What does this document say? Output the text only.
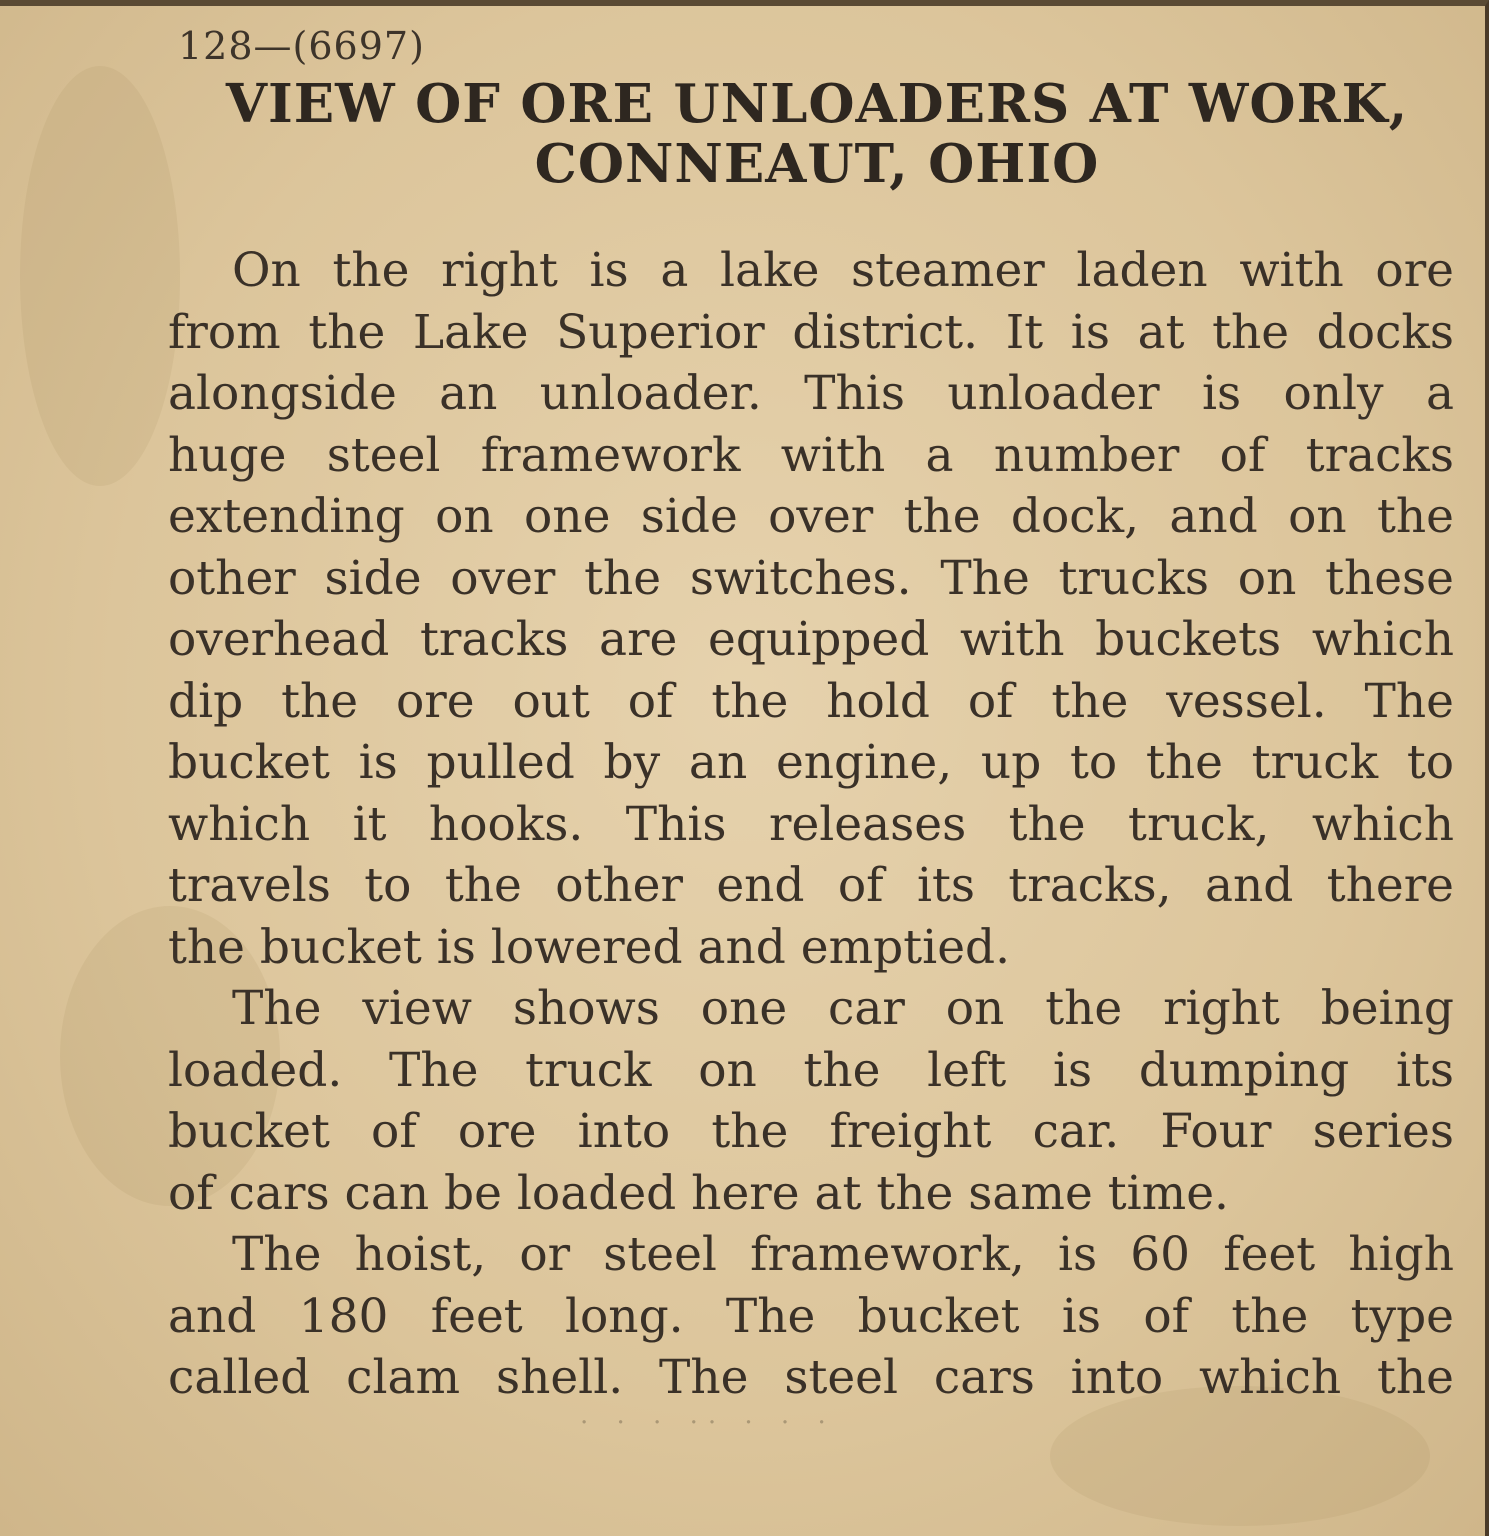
128—(6697)
VIEW OF ORE UNLOADERS AT WORK,
CONNEAUT, OHIO
On the right is a lake steamer laden with ore
from the Lake Superior district. It is at the docks
alongside an unloader. This unloader is only a
huge steel framework with a number of tracks
extending on one side over the dock, and on the
other side over the switches. The trucks on these
overhead tracks are equipped with buckets which
dip the ore out of the hold of the vessel. The
bucket is pulled by an engine, up to the truck to
which it hooks. This releases the truck, which
travels to the other end of its tracks, and there
the bucket is lowered and emptied.
The view shows one car on the right being
loaded. The truck on the left is dumping its
bucket of ore into the freight car. Four series
of cars can be loaded here at the same time.
The hoist, or steel framework, is 60 feet high
and 180 feet long. The bucket is of the type
called clam shell. The steel cars into which the
. . . .. . . .
